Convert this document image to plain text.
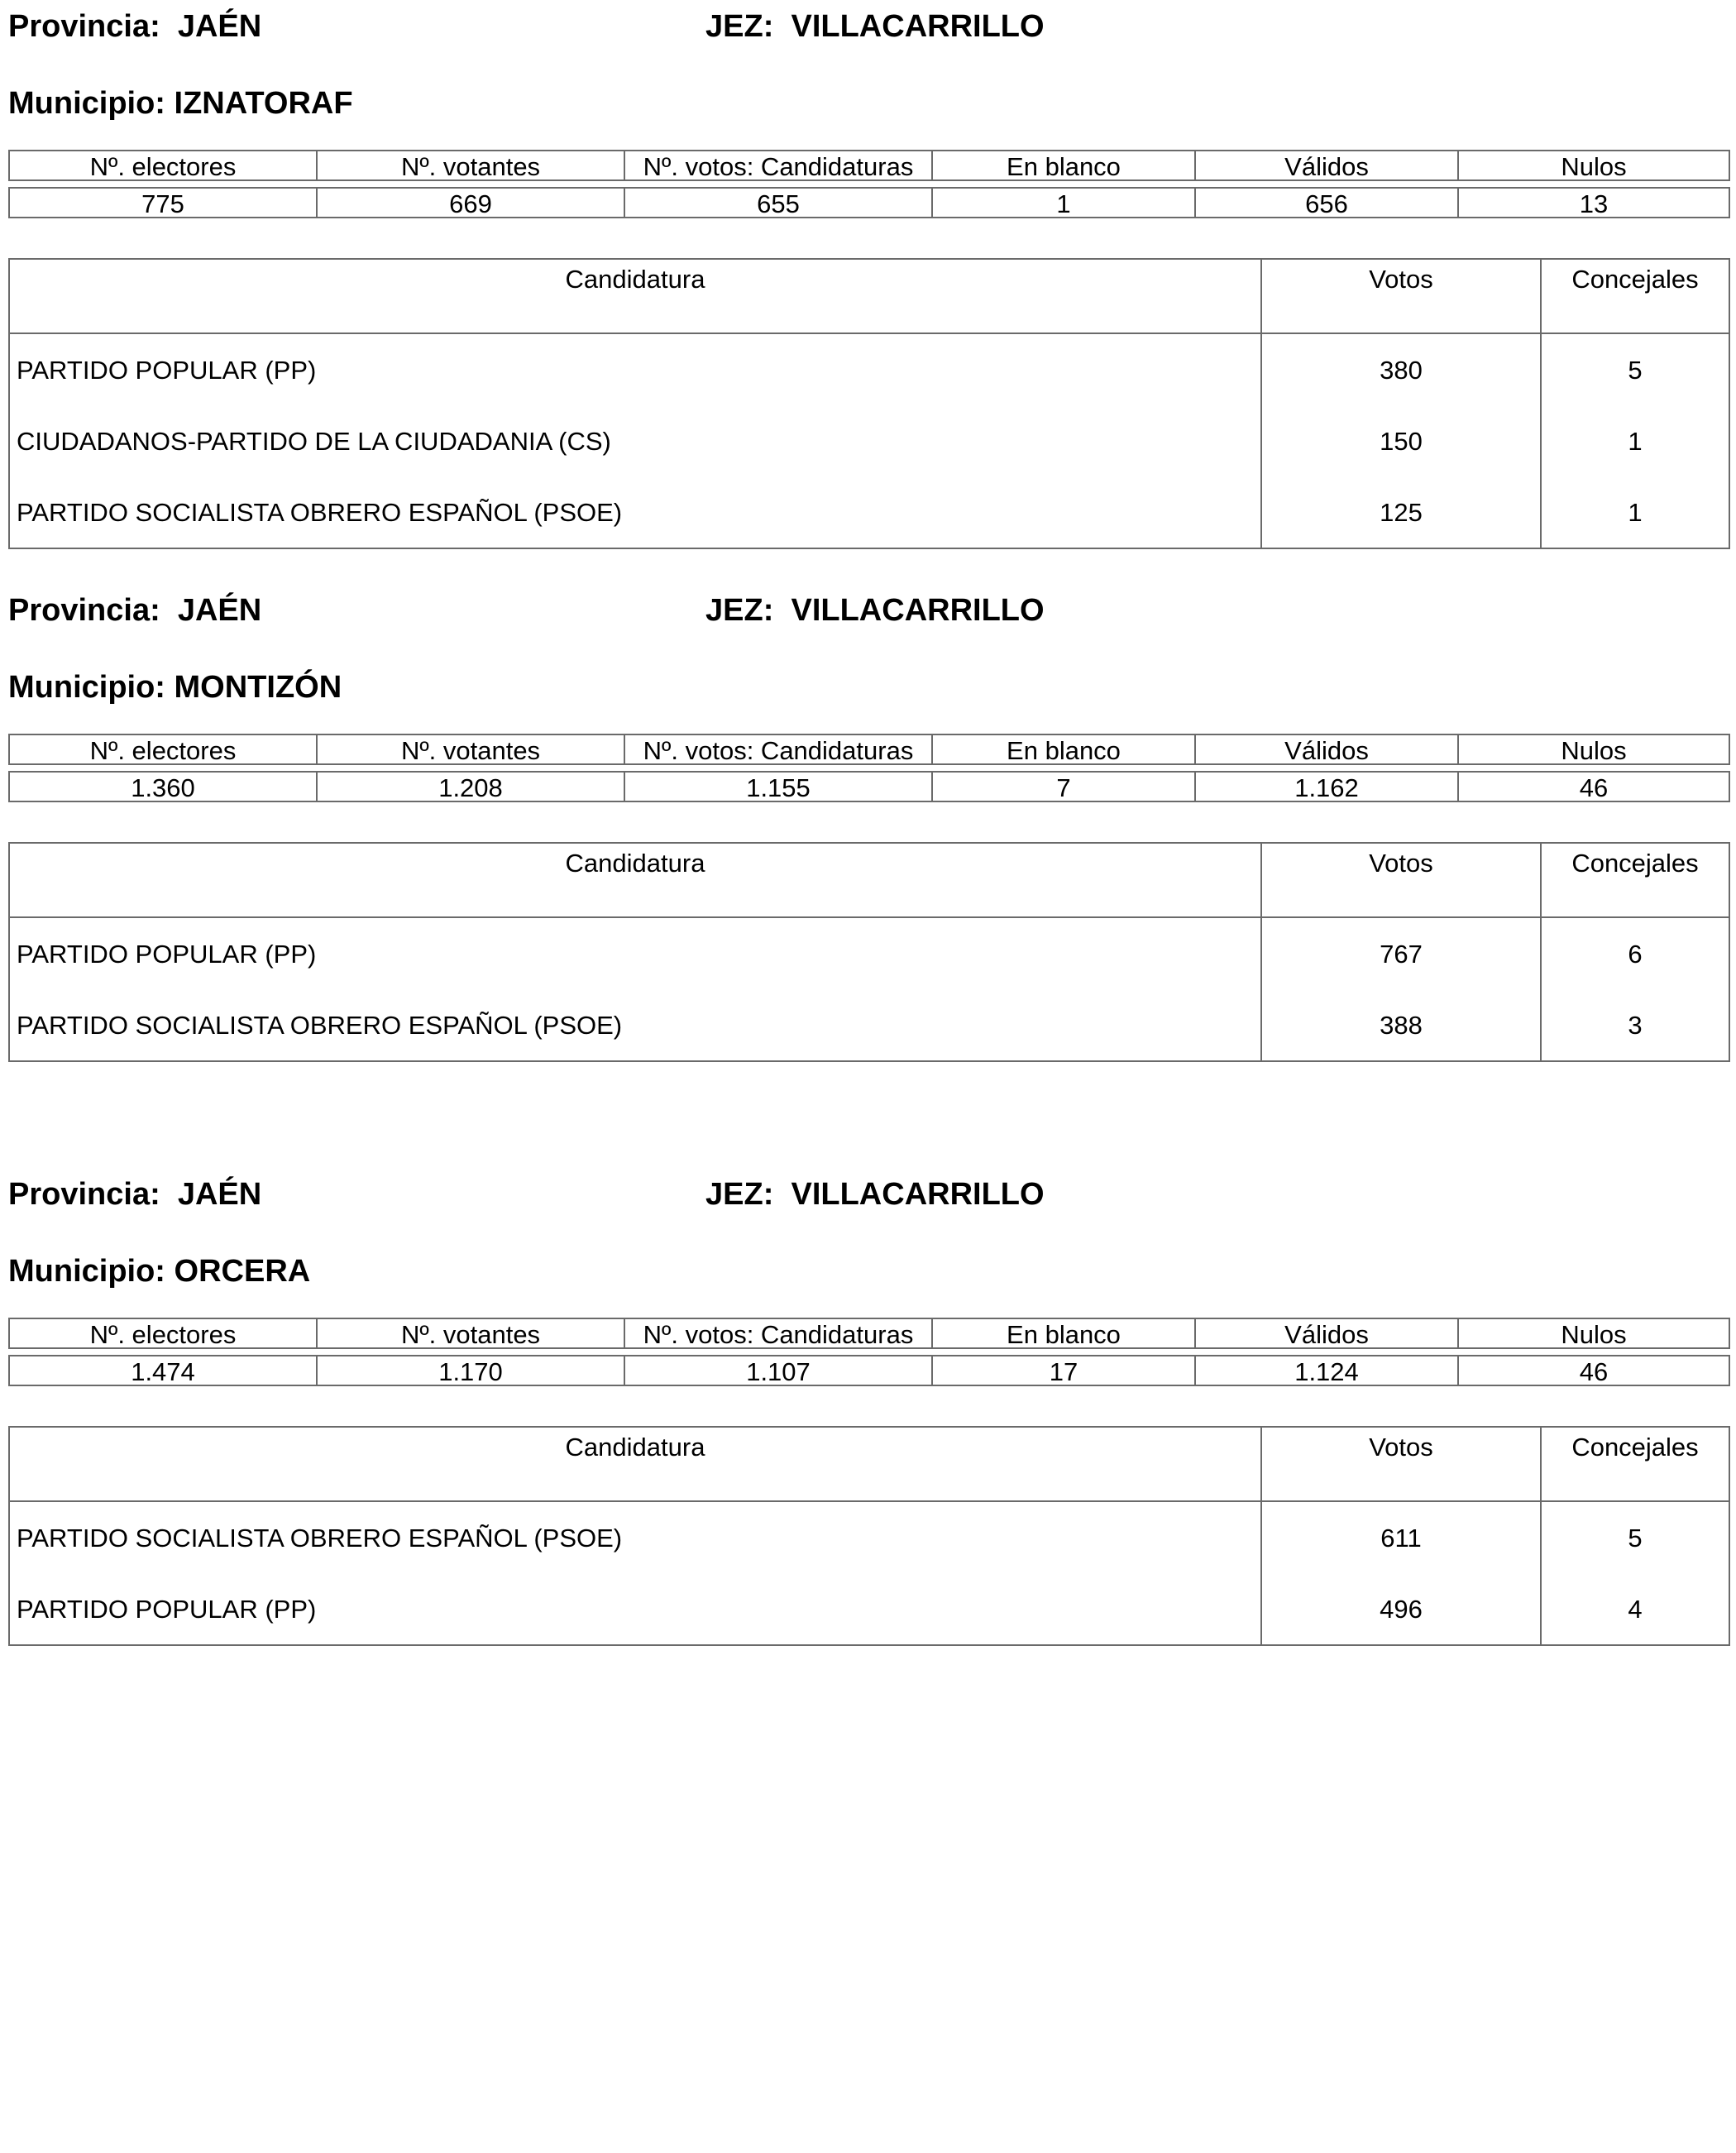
Provincia: JAÉN	JEZ: VILLACARRILLO
Municipio: IZNATORAF
Nº. electores	Nº. votantes	Nº. votos: Candidaturas	En blanco	Válidos	Nulos

775	669	655	1	656	13
Candidatura	Votos	Concejales
PARTIDO POPULAR (PP)	380	5
CIUDADANOS-PARTIDO DE LA CIUDADANIA (CS)	150	1
PARTIDO SOCIALISTA OBRERO ESPAÑOL (PSOE)	125	1
Provincia: JAÉN	JEZ: VILLACARRILLO
Municipio: MONTIZÓN
Nº. electores	Nº. votantes	Nº. votos: Candidaturas	En blanco	Válidos	Nulos

1.360	1.208	1.155	7	1.162	46
Candidatura	Votos	Concejales
PARTIDO POPULAR (PP)	767	6
PARTIDO SOCIALISTA OBRERO ESPAÑOL (PSOE)	388	3
Provincia: JAÉN	JEZ: VILLACARRILLO
Municipio: ORCERA
Nº. electores	Nº. votantes	Nº. votos: Candidaturas	En blanco	Válidos	Nulos

1.474	1.170	1.107	17	1.124	46
Candidatura	Votos	Concejales
PARTIDO SOCIALISTA OBRERO ESPAÑOL (PSOE)	611	5
PARTIDO POPULAR (PP)	496	4
